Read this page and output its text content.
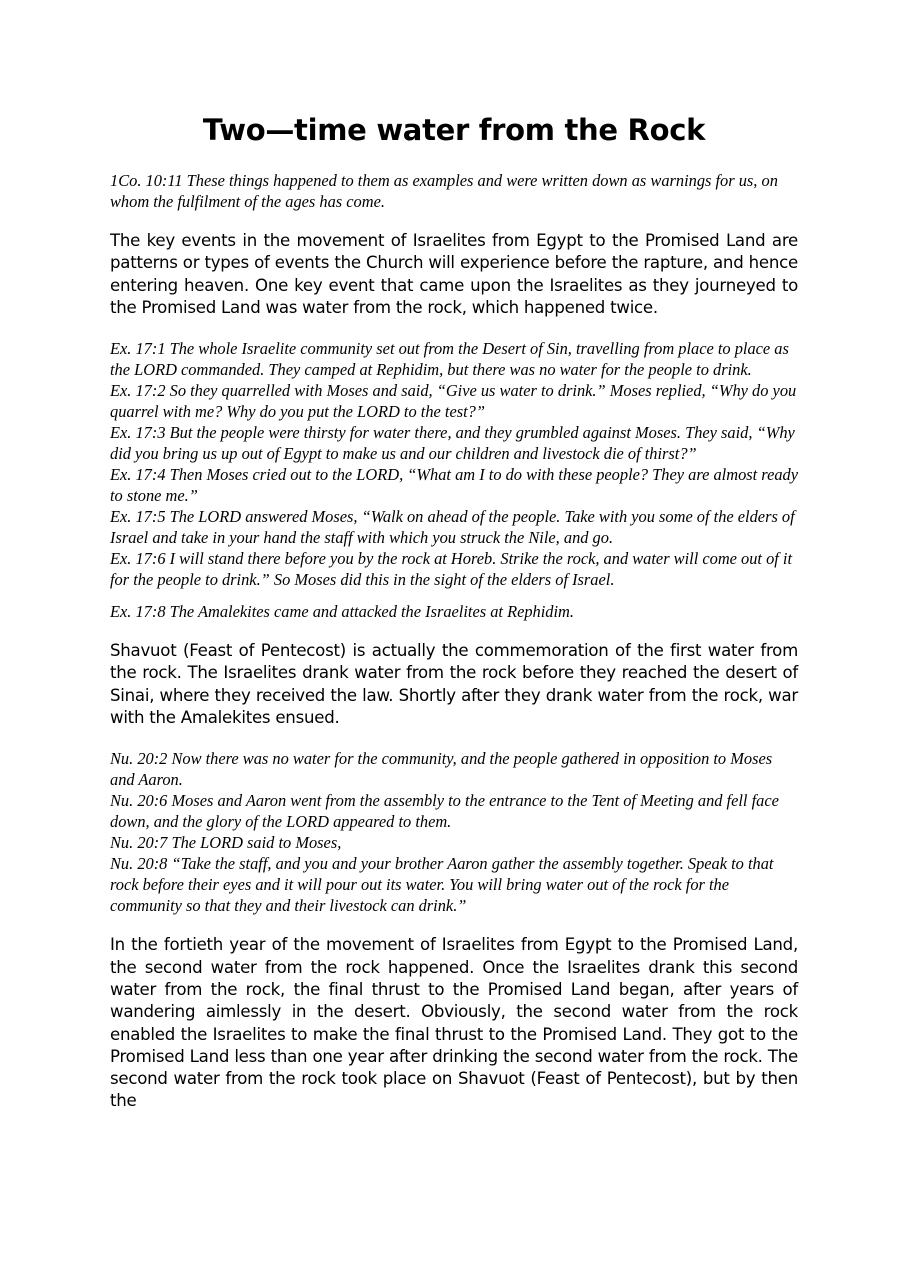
Two—time water from the Rock

1Co. 10:11 These things happened to them as examples and were written down as warnings for us, on whom the fulfilment of the ages has come.

The key events in the movement of Israelites from Egypt to the Promised Land are patterns or types of events the Church will experience before the rapture, and hence entering heaven. One key event that came upon the Israelites as they journeyed to the Promised Land was water from the rock, which happened twice.

Ex. 17:1 The whole Israelite community set out from the Desert of Sin, travelling from place to place as the LORD commanded. They camped at Rephidim, but there was no water for the people to drink.

Ex. 17:2 So they quarrelled with Moses and said, “Give us water to drink.” Moses replied, “Why do you quarrel with me? Why do you put the LORD to the test?”

Ex. 17:3 But the people were thirsty for water there, and they grumbled against Moses. They said, “Why did you bring us up out of Egypt to make us and our children and livestock die of thirst?”

Ex. 17:4 Then Moses cried out to the LORD, “What am I to do with these people? They are almost ready to stone me.”

Ex. 17:5 The LORD answered Moses, “Walk on ahead of the people. Take with you some of the elders of Israel and take in your hand the staff with which you struck the Nile, and go.

Ex. 17:6 I will stand there before you by the rock at Horeb. Strike the rock, and water will come out of it for the people to drink.” So Moses did this in the sight of the elders of Israel.

Ex. 17:8 The Amalekites came and attacked the Israelites at Rephidim.

Shavuot (Feast of Pentecost) is actually the commemoration of the first water from the rock. The Israelites drank water from the rock before they reached the desert of Sinai, where they received the law. Shortly after they drank water from the rock, war with the Amalekites ensued.

Nu. 20:2 Now there was no water for the community, and the people gathered in opposition to Moses and Aaron.

Nu. 20:6 Moses and Aaron went from the assembly to the entrance to the Tent of Meeting and fell face down, and the glory of the LORD appeared to them.

Nu. 20:7 The LORD said to Moses,

Nu. 20:8 “Take the staff, and you and your brother Aaron gather the assembly together. Speak to that rock before their eyes and it will pour out its water. You will bring water out of the rock for the community so that they and their livestock can drink.”

In the fortieth year of the movement of Israelites from Egypt to the Promised Land, the second water from the rock happened. Once the Israelites drank this second water from the rock, the final thrust to the Promised Land began, after years of wandering aimlessly in the desert. Obviously, the second water from the rock enabled the Israelites to make the final thrust to the Promised Land. They got to the Promised Land less than one year after drinking the second water from the rock. The second water from the rock took place on Shavuot (Feast of Pentecost), but by then the
